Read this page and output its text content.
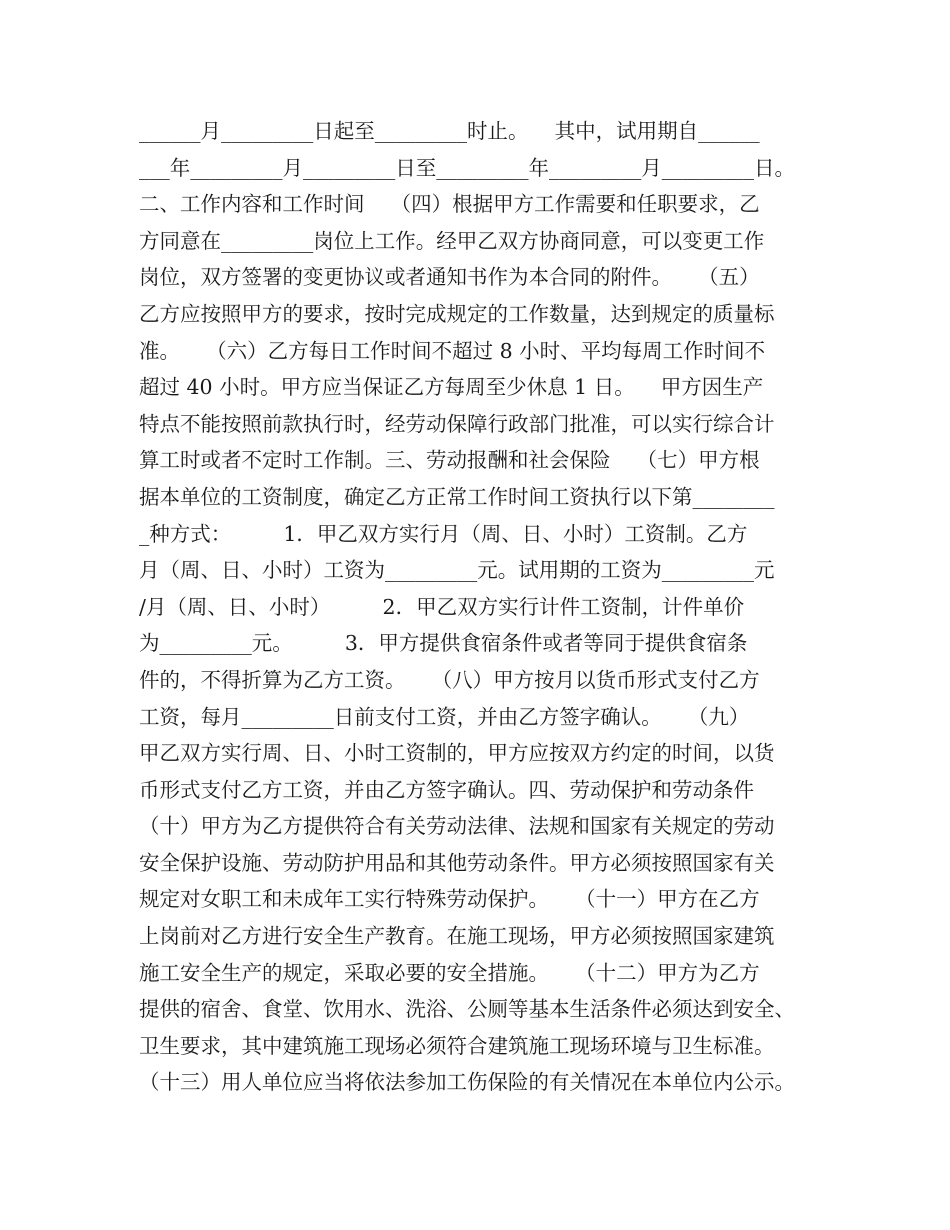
______月_________日起至_________时止。    其中，试用期自______
___年_________月_________日至_________年_________月_________日。
二、工作内容和工作时间    （四）根据甲方工作需要和任职要求，乙
方同意在_________岗位上工作。经甲乙双方协商同意，可以变更工作
岗位，双方签署的变更协议或者通知书作为本合同的附件。    （五）
乙方应按照甲方的要求，按时完成规定的工作数量，达到规定的质量标
准。    （六）乙方每日工作时间不超过 8 小时、平均每周工作时间不
超过 40 小时。甲方应当保证乙方每周至少休息 1 日。    甲方因生产
特点不能按照前款执行时，经劳动保障行政部门批准，可以实行综合计
算工时或者不定时工作制。三、劳动报酬和社会保险    （七）甲方根
据本单位的工资制度，确定乙方正常工作时间工资执行以下第________
_种方式：        1．甲乙双方实行月（周、日、小时）工资制。乙方
月（周、日、小时）工资为_________元。试用期的工资为_________元
/月（周、日、小时）        2．甲乙双方实行计件工资制，计件单价
为_________元。        3．甲方提供食宿条件或者等同于提供食宿条
件的，不得折算为乙方工资。    （八）甲方按月以货币形式支付乙方
工资，每月_________日前支付工资，并由乙方签字确认。    （九）
甲乙双方实行周、日、小时工资制的，甲方应按双方约定的时间，以货
币形式支付乙方工资，并由乙方签字确认。四、劳动保护和劳动条件
（十）甲方为乙方提供符合有关劳动法律、法规和国家有关规定的劳动
安全保护设施、劳动防护用品和其他劳动条件。甲方必须按照国家有关
规定对女职工和未成年工实行特殊劳动保护。    （十一）甲方在乙方
上岗前对乙方进行安全生产教育。在施工现场，甲方必须按照国家建筑
施工安全生产的规定，采取必要的安全措施。    （十二）甲方为乙方
提供的宿舍、食堂、饮用水、洗浴、公厕等基本生活条件必须达到安全、
卫生要求，其中建筑施工现场必须符合建筑施工现场环境与卫生标准。
（十三）用人单位应当将依法参加工伤保险的有关情况在本单位内公示。
